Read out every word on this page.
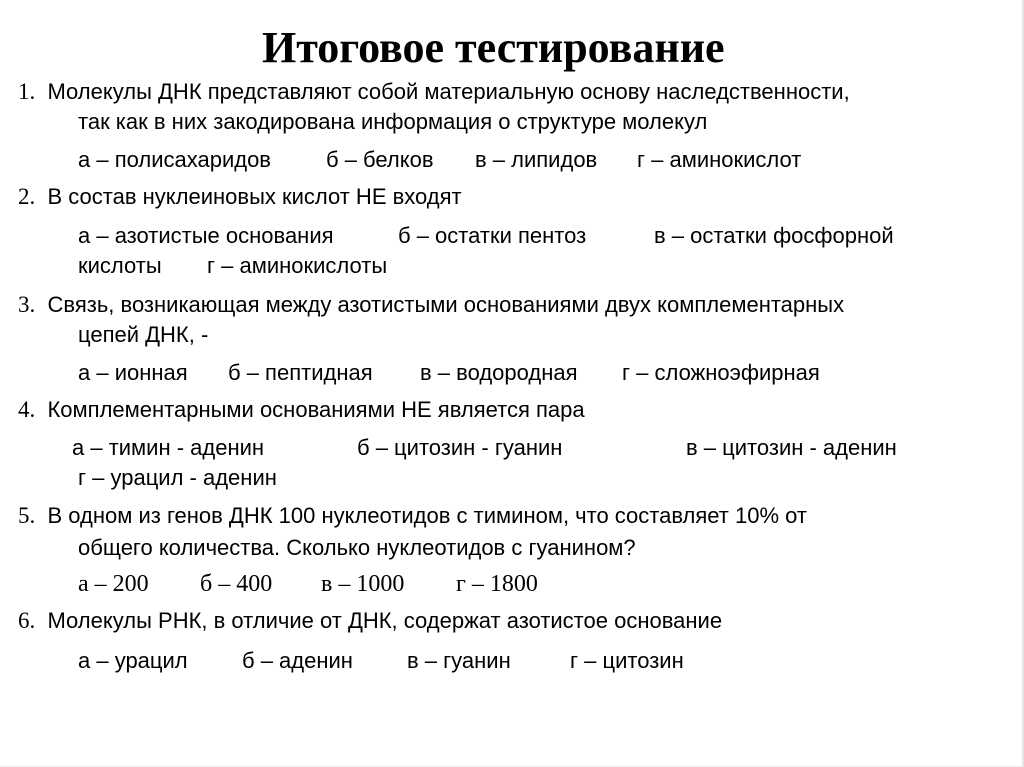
Итоговое тестирование
1. Молекулы ДНК представляют собой материальную основу наследственности,
так как в них закодирована информация о структуре молекул
а – полисахаридов	б – белков в – липидов г – аминокислот
2. В состав нуклеиновых кислот НЕ входят
а – азотистые основания	б – остатки пентоз	в – остатки фосфорной
кислоты г – аминокислоты
3. Связь, возникающая между азотистыми основаниями двух комплементарных
цепей ДНК, -
а – ионная б – пептидная в – водородная г – сложноэфирная
4. Комплементарными основаниями НЕ является пара
а – тимин - аденин	б – цитозин - гуанин	в – цитозин - аденин
г – урацил - аденин
5. В одном из генов ДНК 100 нуклеотидов с тимином, что составляет 10% от
общего количества. Сколько нуклеотидов с гуанином?
а – 200 б – 400 в – 1000 г – 1800
6. Молекулы РНК, в отличие от ДНК, содержат азотистое основание
а – урацил б – аденин в – гуанин	г – цитозин
